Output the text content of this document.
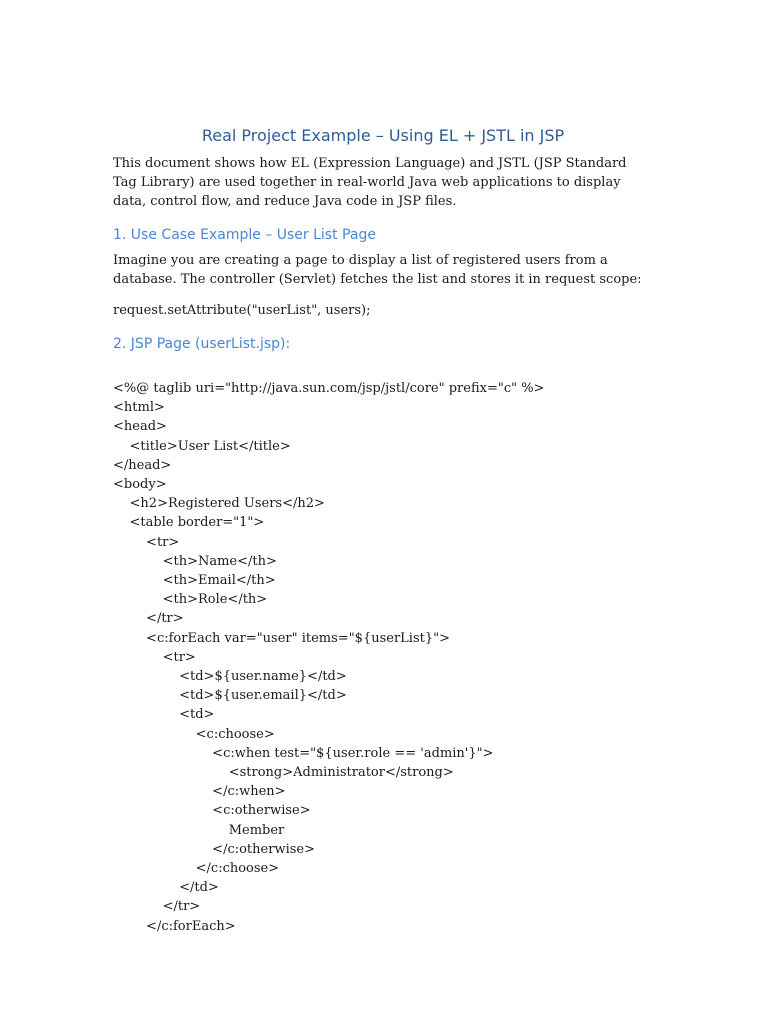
Real Project Example – Using EL + JSTL in JSP

This document shows how EL (Expression Language) and JSTL (JSP Standard Tag Library) are used together in real-world Java web applications to display data, control flow, and reduce Java code in JSP files.

1. Use Case Example – User List Page

Imagine you are creating a page to display a list of registered users from a database. The controller (Servlet) fetches the list and stores it in request scope:

request.setAttribute("userList", users);

2. JSP Page (userList.jsp):
<%@ taglib uri="http://java.sun.com/jsp/jstl/core" prefix="c" %>
<html>
<head>
<title>User List</title>
</head>
<body>
<h2>Registered Users</h2>
<table border="1">
<tr>
<th>Name</th>
<th>Email</th>
<th>Role</th>
</tr>
<c:forEach var="user" items="${userList}">
<tr>
<td>${user.name}</td>
<td>${user.email}</td>
<td>
<c:choose>
<c:when test="${user.role == 'admin'}">
<strong>Administrator</strong>
</c:when>
<c:otherwise>
Member
</c:otherwise>
</c:choose>
</td>
</tr>
</c:forEach>
